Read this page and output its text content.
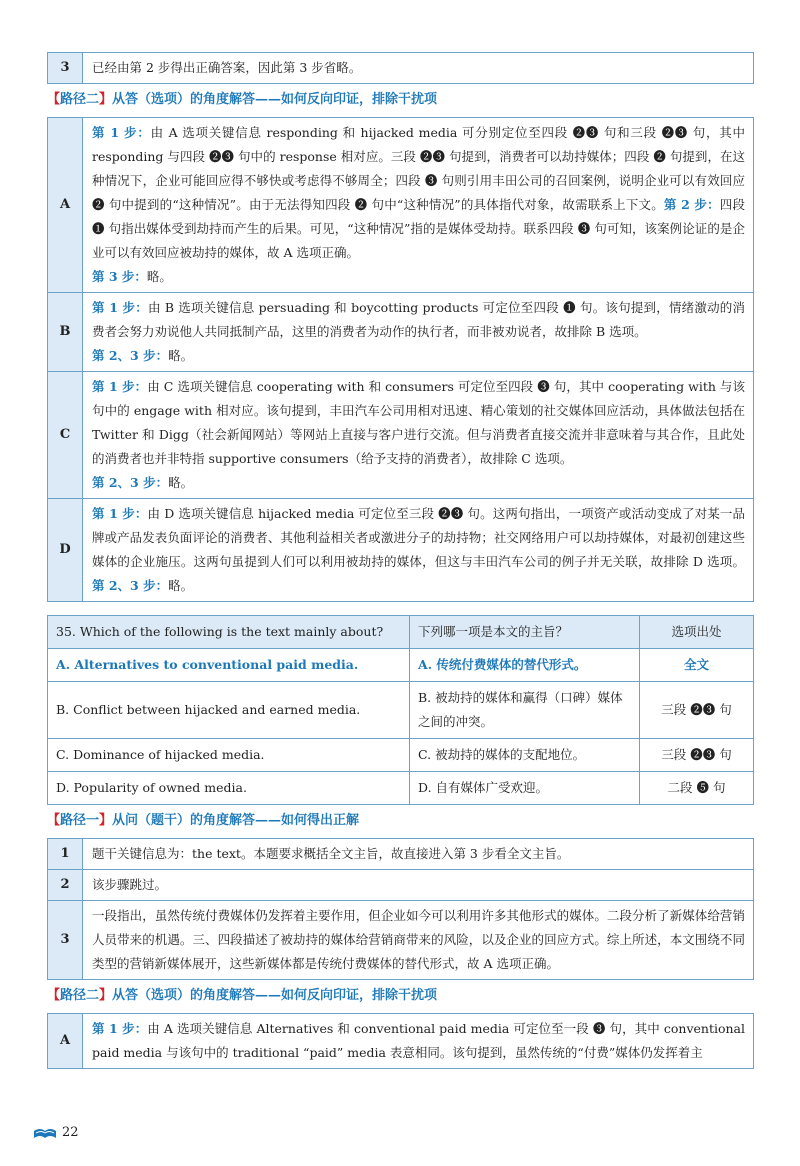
3	已经由第 2 步得出正确答案，因此第 3 步省略。
【路径二】从答（选项）的角度解答——如何反向印证，排除干扰项
A	第 1 步：由 A 选项关键信息 responding 和 hijacked media 可分别定位至四段 ❷❸ 句和三段 ❷❸ 句，其中 responding 与四段 ❷❸ 句中的 response 相对应。三段 ❷❸ 句提到，消费者可以劫持媒体；四段 ❷ 句提到，在这种情况下，企业可能回应得不够快或考虑得不够周全；四段 ❸ 句则引用丰田公司的召回案例，说明企业可以有效回应 ❷ 句中提到的“这种情况”。由于无法得知四段 ❷ 句中“这种情况”的具体指代对象，故需联系上下文。第 2 步：四段 ❶ 句指出媒体受到劫持而产生的后果。可见，“这种情况”指的是媒体受劫持。联系四段 ❸ 句可知，该案例论证的是企业可以有效回应被劫持的媒体，故 A 选项正确。
第 3 步：略。
B	第 1 步：由 B 选项关键信息 persuading 和 boycotting products 可定位至四段 ❶ 句。该句提到，情绪激动的消费者会努力劝说他人共同抵制产品，这里的消费者为动作的执行者，而非被劝说者，故排除 B 选项。
第 2、3 步：略。
C	第 1 步：由 C 选项关键信息 cooperating with 和 consumers 可定位至四段 ❸ 句，其中 cooperating with 与该句中的 engage with 相对应。该句提到，丰田汽车公司用相对迅速、精心策划的社交媒体回应活动，具体做法包括在 Twitter 和 Digg（社会新闻网站）等网站上直接与客户进行交流。但与消费者直接交流并非意味着与其合作，且此处的消费者也并非特指 supportive consumers（给予支持的消费者），故排除 C 选项。
第 2、3 步：略。
D	第 1 步：由 D 选项关键信息 hijacked media 可定位至三段 ❷❸ 句。这两句指出，一项资产或活动变成了对某一品牌或产品发表负面评论的消费者、其他利益相关者或激进分子的劫持物；社交网络用户可以劫持媒体，对最初创建这些媒体的企业施压。这两句虽提到人们可以利用被劫持的媒体，但这与丰田汽车公司的例子并无关联，故排除 D 选项。第 2、3 步：略。
35. Which of the following is the text mainly about?	下列哪一项是本文的主旨？	选项出处
A. Alternatives to conventional paid media.	A. 传统付费媒体的替代形式。	全文
B. Conflict between hijacked and earned media.	B. 被劫持的媒体和赢得（口碑）媒体之间的冲突。	三段 ❷❸ 句
C. Dominance of hijacked media.	C. 被劫持的媒体的支配地位。	三段 ❷❸ 句
D. Popularity of owned media.	D. 自有媒体广受欢迎。	二段 ❺ 句
【路径一】从问（题干）的角度解答——如何得出正解
1	题干关键信息为：the text。本题要求概括全文主旨，故直接进入第 3 步看全文主旨。
2	该步骤跳过。
3	一段指出，虽然传统付费媒体仍发挥着主要作用，但企业如今可以利用许多其他形式的媒体。二段分析了新媒体给营销人员带来的机遇。三、四段描述了被劫持的媒体给营销商带来的风险，以及企业的回应方式。综上所述，本文围绕不同类型的营销新媒体展开，这些新媒体都是传统付费媒体的替代形式，故 A 选项正确。
【路径二】从答（选项）的角度解答——如何反向印证，排除干扰项
A	第 1 步：由 A 选项关键信息 Alternatives 和 conventional paid media 可定位至一段 ❸ 句，其中 conventional paid media 与该句中的 traditional “paid” media 表意相同。该句提到，虽然传统的“付费”媒体仍发挥着主
22
